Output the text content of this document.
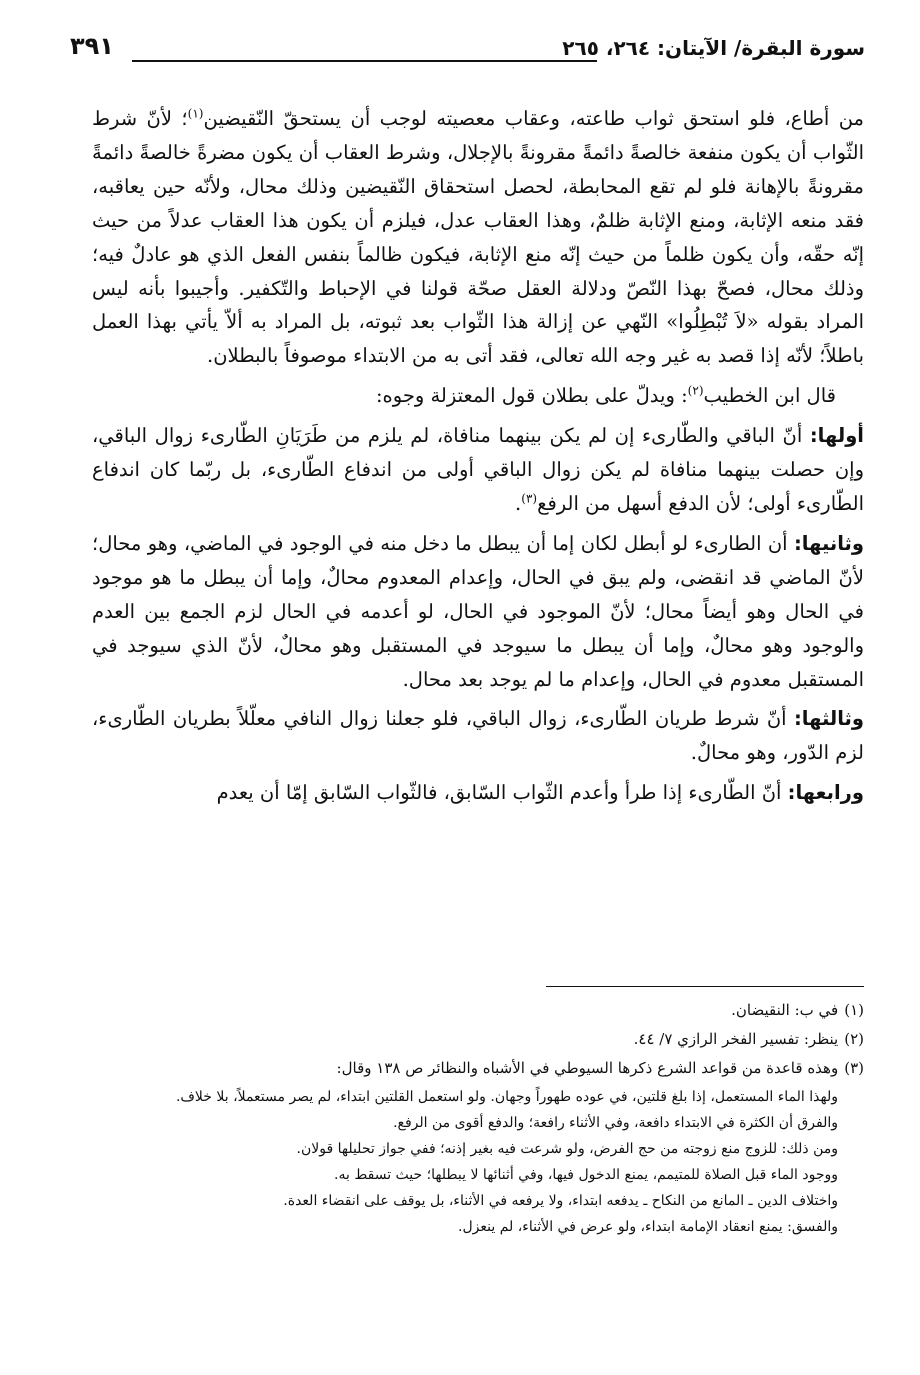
سورة البقرة/ الآيتان: ٢٦٤، ٢٦٥
٣٩١

من أطاع، فلو استحق ثواب طاعته، وعقاب معصيته لوجب أن يستحقّ النّقيضين$^{(١)}$؛ لأنّ شرط الثّواب أن يكون منفعة خالصةً دائمةً مقرونةً بالإجلال، وشرط العقاب أن يكون مضرةً خالصةً دائمةً مقرونةً بالإهانة فلو لم تقع المحابطة، لحصل استحقاق النّقيضين وذلك محال، ولأنّه حين يعاقبه، فقد منعه الإثابة، ومنع الإثابة ظلمٌ، وهذا العقاب عدل، فيلزم أن يكون هذا العقاب عدلاً من حيث إنّه حقّه، وأن يكون ظلماً من حيث إنّه منع الإثابة، فيكون ظالماً بنفس الفعل الذي هو عادلٌ فيه؛ وذلك محال، فصحّ بهذا النّصّ ودلالة العقل صحّة قولنا في الإحباط والتّكفير. وأجيبوا بأنه ليس المراد بقوله «لاَ تُبْطِلُوا» النّهي عن إزالة هذا الثّواب بعد ثبوته، بل المراد به ألاّ يأتي بهذا العمل باطلاً؛ لأنّه إذا قصد به غير وجه الله تعالى، فقد أتى به من الابتداء موصوفاً بالبطلان.

قال ابن الخطيب$^{(٢)}$: ويدلّ على بطلان قول المعتزلة وجوه:

أولها: أنّ الباقي والطّارىء إن لم يكن بينهما منافاة، لم يلزم من طَرَيَانِ الطّارىء زوال الباقي، وإن حصلت بينهما منافاة لم يكن زوال الباقي أولى من اندفاع الطّارىء، بل ربّما كان اندفاع الطّارىء أولى؛ لأن الدفع أسهل من الرفع$^{(٣)}$.

وثانيها: أن الطارىء لو أبطل لكان إما أن يبطل ما دخل منه في الوجود في الماضي، وهو محال؛ لأنّ الماضي قد انقضى، ولم يبق في الحال، وإعدام المعدوم محالٌ، وإما أن يبطل ما هو موجود في الحال وهو أيضاً محال؛ لأنّ الموجود في الحال، لو أعدمه في الحال لزم الجمع بين العدم والوجود وهو محالٌ، وإما أن يبطل ما سيوجد في المستقبل وهو محالٌ، لأنّ الذي سيوجد في المستقبل معدوم في الحال، وإعدام ما لم يوجد بعد محال.

وثالثها: أنّ شرط طريان الطّارىء، زوال الباقي، فلو جعلنا زوال النافي معلّلاً بطريان الطّارىء، لزم الدّور، وهو محالٌ.

ورابعها: أنّ الطّارىء إذا طرأ وأعدم الثّواب السّابق، فالثّواب السّابق إمّا أن يعدم

(١)في ب: النقيضان.
(٢)ينظر: تفسير الفخر الرازي ٧/ ٤٤.
(٣)وهذه قاعدة من قواعد الشرع ذكرها السيوطي في الأشباه والنظائر ص ١٣٨ وقال:

ولهذا الماء المستعمل، إذا بلغ قلتين، في عوده طهوراً وجهان. ولو استعمل القلتين ابتداء، لم يصر مستعملاً، بلا خلاف.

والفرق أن الكثرة في الابتداء دافعة، وفي الأثناء رافعة؛ والدفع أقوى من الرفع.

ومن ذلك: للزوج منع زوجته من حج الفرض، ولو شرعت فيه بغير إذنه؛ ففي جواز تحليلها قولان.

ووجود الماء قبل الصلاة للمتيمم، يمنع الدخول فيها، وفي أثنائها لا يبطلها؛ حيث تسقط به.

واختلاف الدين ـ المانع من النكاح ـ يدفعه ابتداء، ولا يرفعه في الأثناء، بل يوقف على انقضاء العدة.

والفسق: يمنع انعقاد الإمامة ابتداء، ولو عرض في الأثناء، لم ينعزل.
